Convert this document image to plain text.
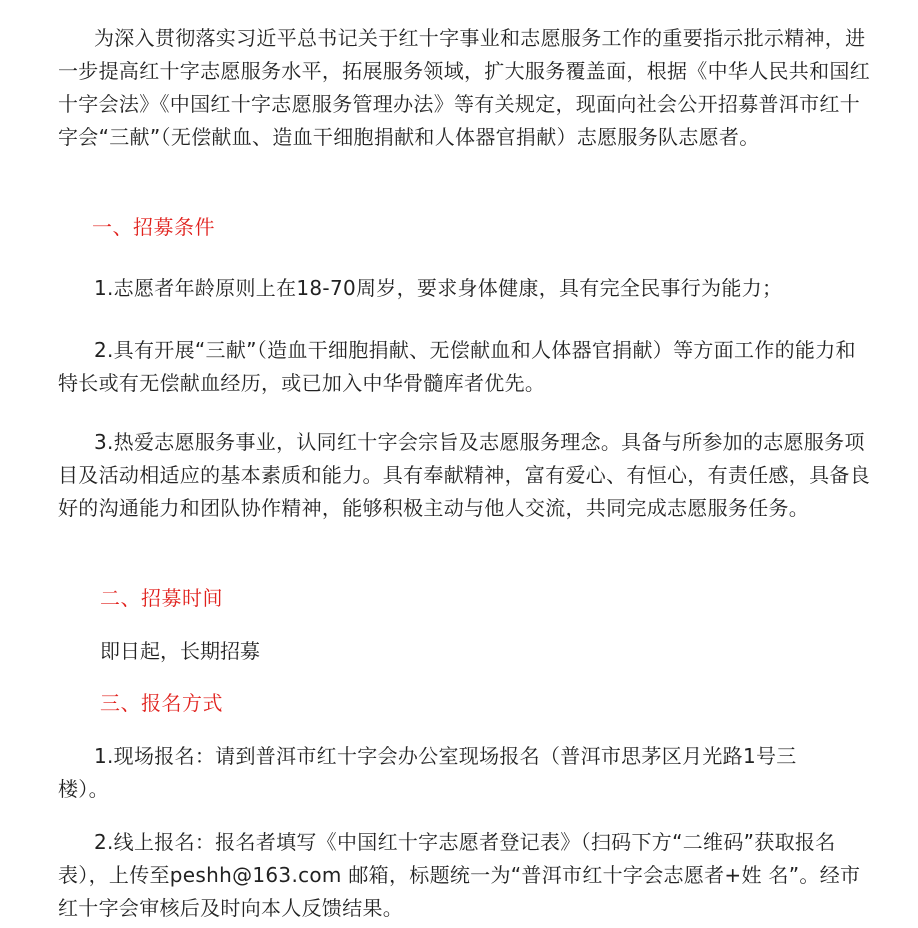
为深入贯彻落实习近平总书记关于红十字事业和志愿服务工作的重要指示批示精神，进一步提高红十字志愿服务水平，拓展服务领域，扩大服务覆盖面，根据《中华人民共和国红十字会法》《中国红十字志愿服务管理办法》等有关规定，现面向社会公开招募普洱市红十字会“三献”（无偿献血、造血干细胞捐献和人体器官捐献）志愿服务队志愿者。

一、招募条件

1.志愿者年龄原则上在18-70周岁，要求身体健康，具有完全民事行为能力；

2.具有开展“三献”（造血干细胞捐献、无偿献血和人体器官捐献）等方面工作的能力和特长或有无偿献血经历，或已加入中华骨髓库者优先。

3.热爱志愿服务事业，认同红十字会宗旨及志愿服务理念。具备与所参加的志愿服务项目及活动相适应的基本素质和能力。具有奉献精神，富有爱心、有恒心，有责任感，具备良好的沟通能力和团队协作精神，能够积极主动与他人交流，共同完成志愿服务任务。

二、招募时间

即日起，长期招募

三、报名方式

1.现场报名：请到普洱市红十字会办公室现场报名（普洱市思茅区月光路1号三楼）。

2.线上报名：报名者填写《中国红十字志愿者登记表》（扫码下方“二维码”获取报名表），上传至peshh@163.com 邮箱，标题统一为“普洱市红十字会志愿者+姓 名”。经市红十字会审核后及时向本人反馈结果。
